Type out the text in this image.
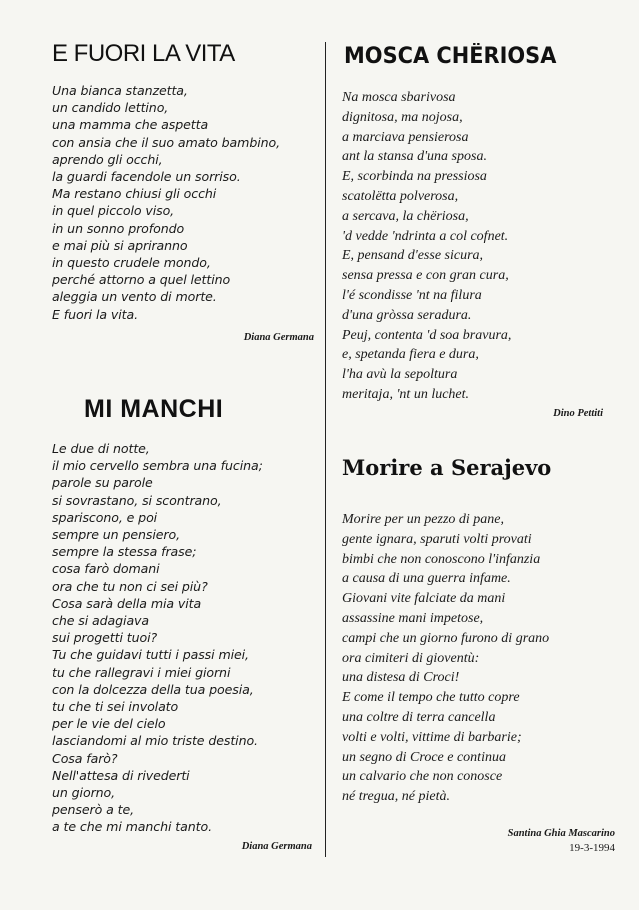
E FUORI LA VITA
Una bianca stanzetta,
un candido lettino,
una mamma che aspetta
con ansia che il suo amato bambino,
aprendo gli occhi,
la guardi facendole un sorriso.
Ma restano chiusi gli occhi
in quel piccolo viso,
in un sonno profondo
e mai più si apriranno
in questo crudele mondo,
perché attorno a quel lettino
aleggia un vento di morte.
E fuori la vita.
Diana Germana
MI MANCHI
Le due di notte,
il mio cervello sembra una fucina;
parole su parole
si sovrastano, si scontrano,
spariscono, e poi
sempre un pensiero,
sempre la stessa frase;
cosa farò domani
ora che tu non ci sei più?
Cosa sarà della mia vita
che si adagiava
sui progetti tuoi?
Tu che guidavi tutti i passi miei,
tu che rallegravi i miei giorni
con la dolcezza della tua poesia,
tu che ti sei involato
per le vie del cielo
lasciandomi al mio triste destino.
Cosa farò?
Nell'attesa di rivederti
un giorno,
penserò a te,
a te che mi manchi tanto.
Diana Germana
MOSCA CHËRIOSA
Na mosca sbarivosa
dignitosa, ma nojosa,
a marciava pensierosa
ant la stansa d'una sposa.
E, scorbinda na pressiosa
scatolëtta polverosa,
a sercava, la chëriosa,
'd vedde 'ndrinta a col cofnet.
E, pensand d'esse sicura,
sensa pressa e con gran cura,
l'é scondisse 'nt na filura
d'una gròssa seradura.
Peuj, contenta 'd soa bravura,
e, spetanda fiera e dura,
l'ha avù la sepoltura
meritaja, 'nt un luchet.
Dino Pettiti
Morire a Serajevo
Morire per un pezzo di pane,
gente ignara, sparuti volti provati
bimbi che non conoscono l'infanzia
a causa di una guerra infame.
Giovani vite falciate da mani
assassine mani impetose,
campi che un giorno furono di grano
ora cimiteri di gioventù:
una distesa di Croci!
E come il tempo che tutto copre
una coltre di terra cancella
volti e volti, vittime di barbarie;
un segno di Croce e continua
un calvario che non conosce
né tregua, né pietà.
Santina Ghia Mascarino
19-3-1994
